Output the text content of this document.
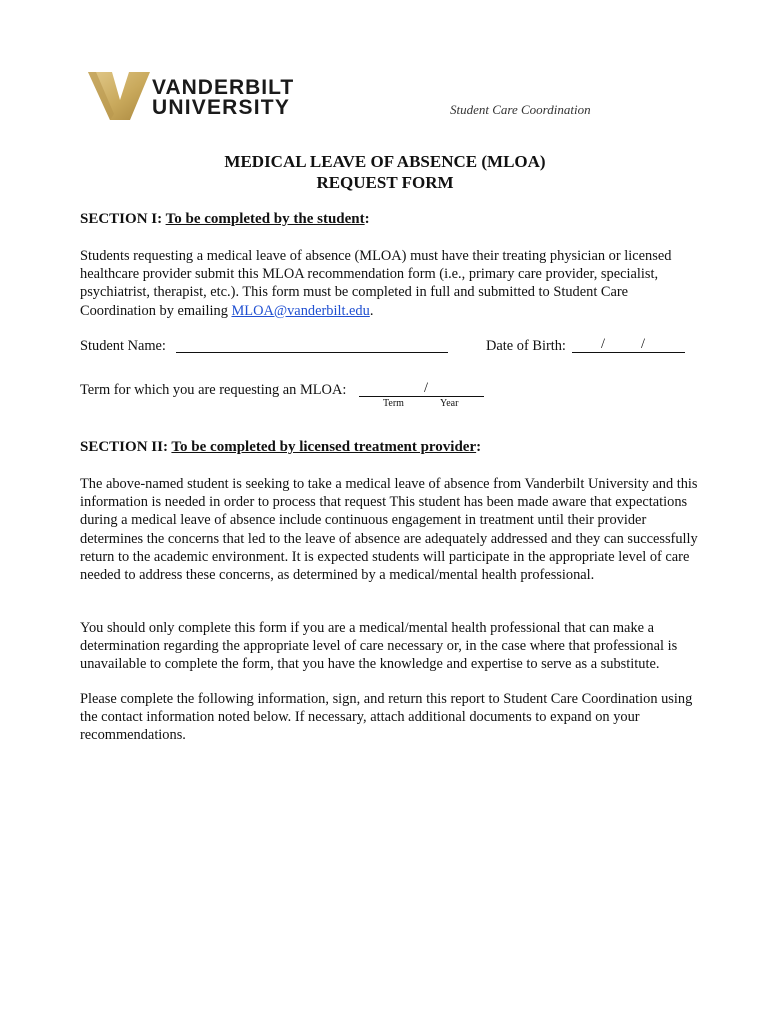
VANDERBILT
UNIVERSITY	Student Care Coordination
MEDICAL LEAVE OF ABSENCE (MLOA)
REQUEST FORM
SECTION I: To be completed by the student:
Students requesting a medical leave of absence (MLOA) must have their treating physician or licensed healthcare provider submit this MLOA recommendation form (i.e., primary care provider, specialist, psychiatrist, therapist, etc.). This form must be completed in full and submitted to Student Care Coordination by emailing MLOA@vanderbilt.edu.
Student Name:	Date of Birth: /	/
Term for which you are requesting an MLOA:	/
Term	Year
SECTION II: To be completed by licensed treatment provider:
The above-named student is seeking to take a medical leave of absence from Vanderbilt University and this information is needed in order to process that request This student has been made aware that expectations during a medical leave of absence include continuous engagement in treatment until their provider determines the concerns that led to the leave of absence are adequately addressed and they can successfully return to the academic environment. It is expected students will participate in the appropriate level of care needed to address these concerns, as determined by a medical/mental health professional.
You should only complete this form if you are a medical/mental health professional that can make a determination regarding the appropriate level of care necessary or, in the case where that professional is unavailable to complete the form, that you have the knowledge and expertise to serve as a substitute.
Please complete the following information, sign, and return this report to Student Care Coordination using the contact information noted below. If necessary, attach additional documents to expand on your recommendations.
